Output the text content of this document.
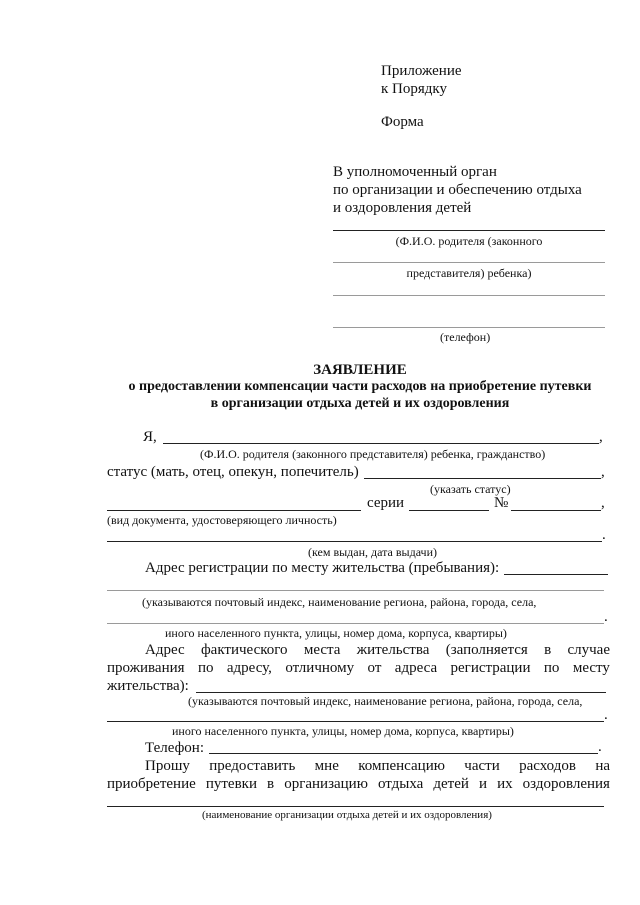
Приложение
к Порядку
Форма
В уполномоченный орган
по организации и обеспечению отдыха
и оздоровления детей
(Ф.И.О. родителя (законного
представителя) ребенка)
(телефон)
ЗАЯВЛЕНИЕ
о предоставлении компенсации части расходов на приобретение путевки
в организации отдыха детей и их оздоровления
Я,	,
(Ф.И.О. родителя (законного представителя) ребенка, гражданство)
статус (мать, отец, опекун, попечитель)	,
(указать статус)
серии	№	,
(вид документа, удостоверяющего личность)
.
(кем выдан, дата выдачи)
Адрес регистрации по месту жительства (пребывания):
(указываются почтовый индекс, наименование региона, района, города, села,
.
иного населенного пункта, улицы, номер дома, корпуса, квартиры)
Адрес фактического места жительства (заполняется в случае
проживания по адресу, отличному от адреса регистрации по месту
жительства):
(указываются почтовый индекс, наименование региона, района, города, села,
.
иного населенного пункта, улицы, номер дома, корпуса, квартиры)
Телефон:	.
Прошу предоставить мне компенсацию части расходов на
приобретение путевки в организацию отдыха детей и их оздоровления
(наименование организации отдыха детей и их оздоровления)
